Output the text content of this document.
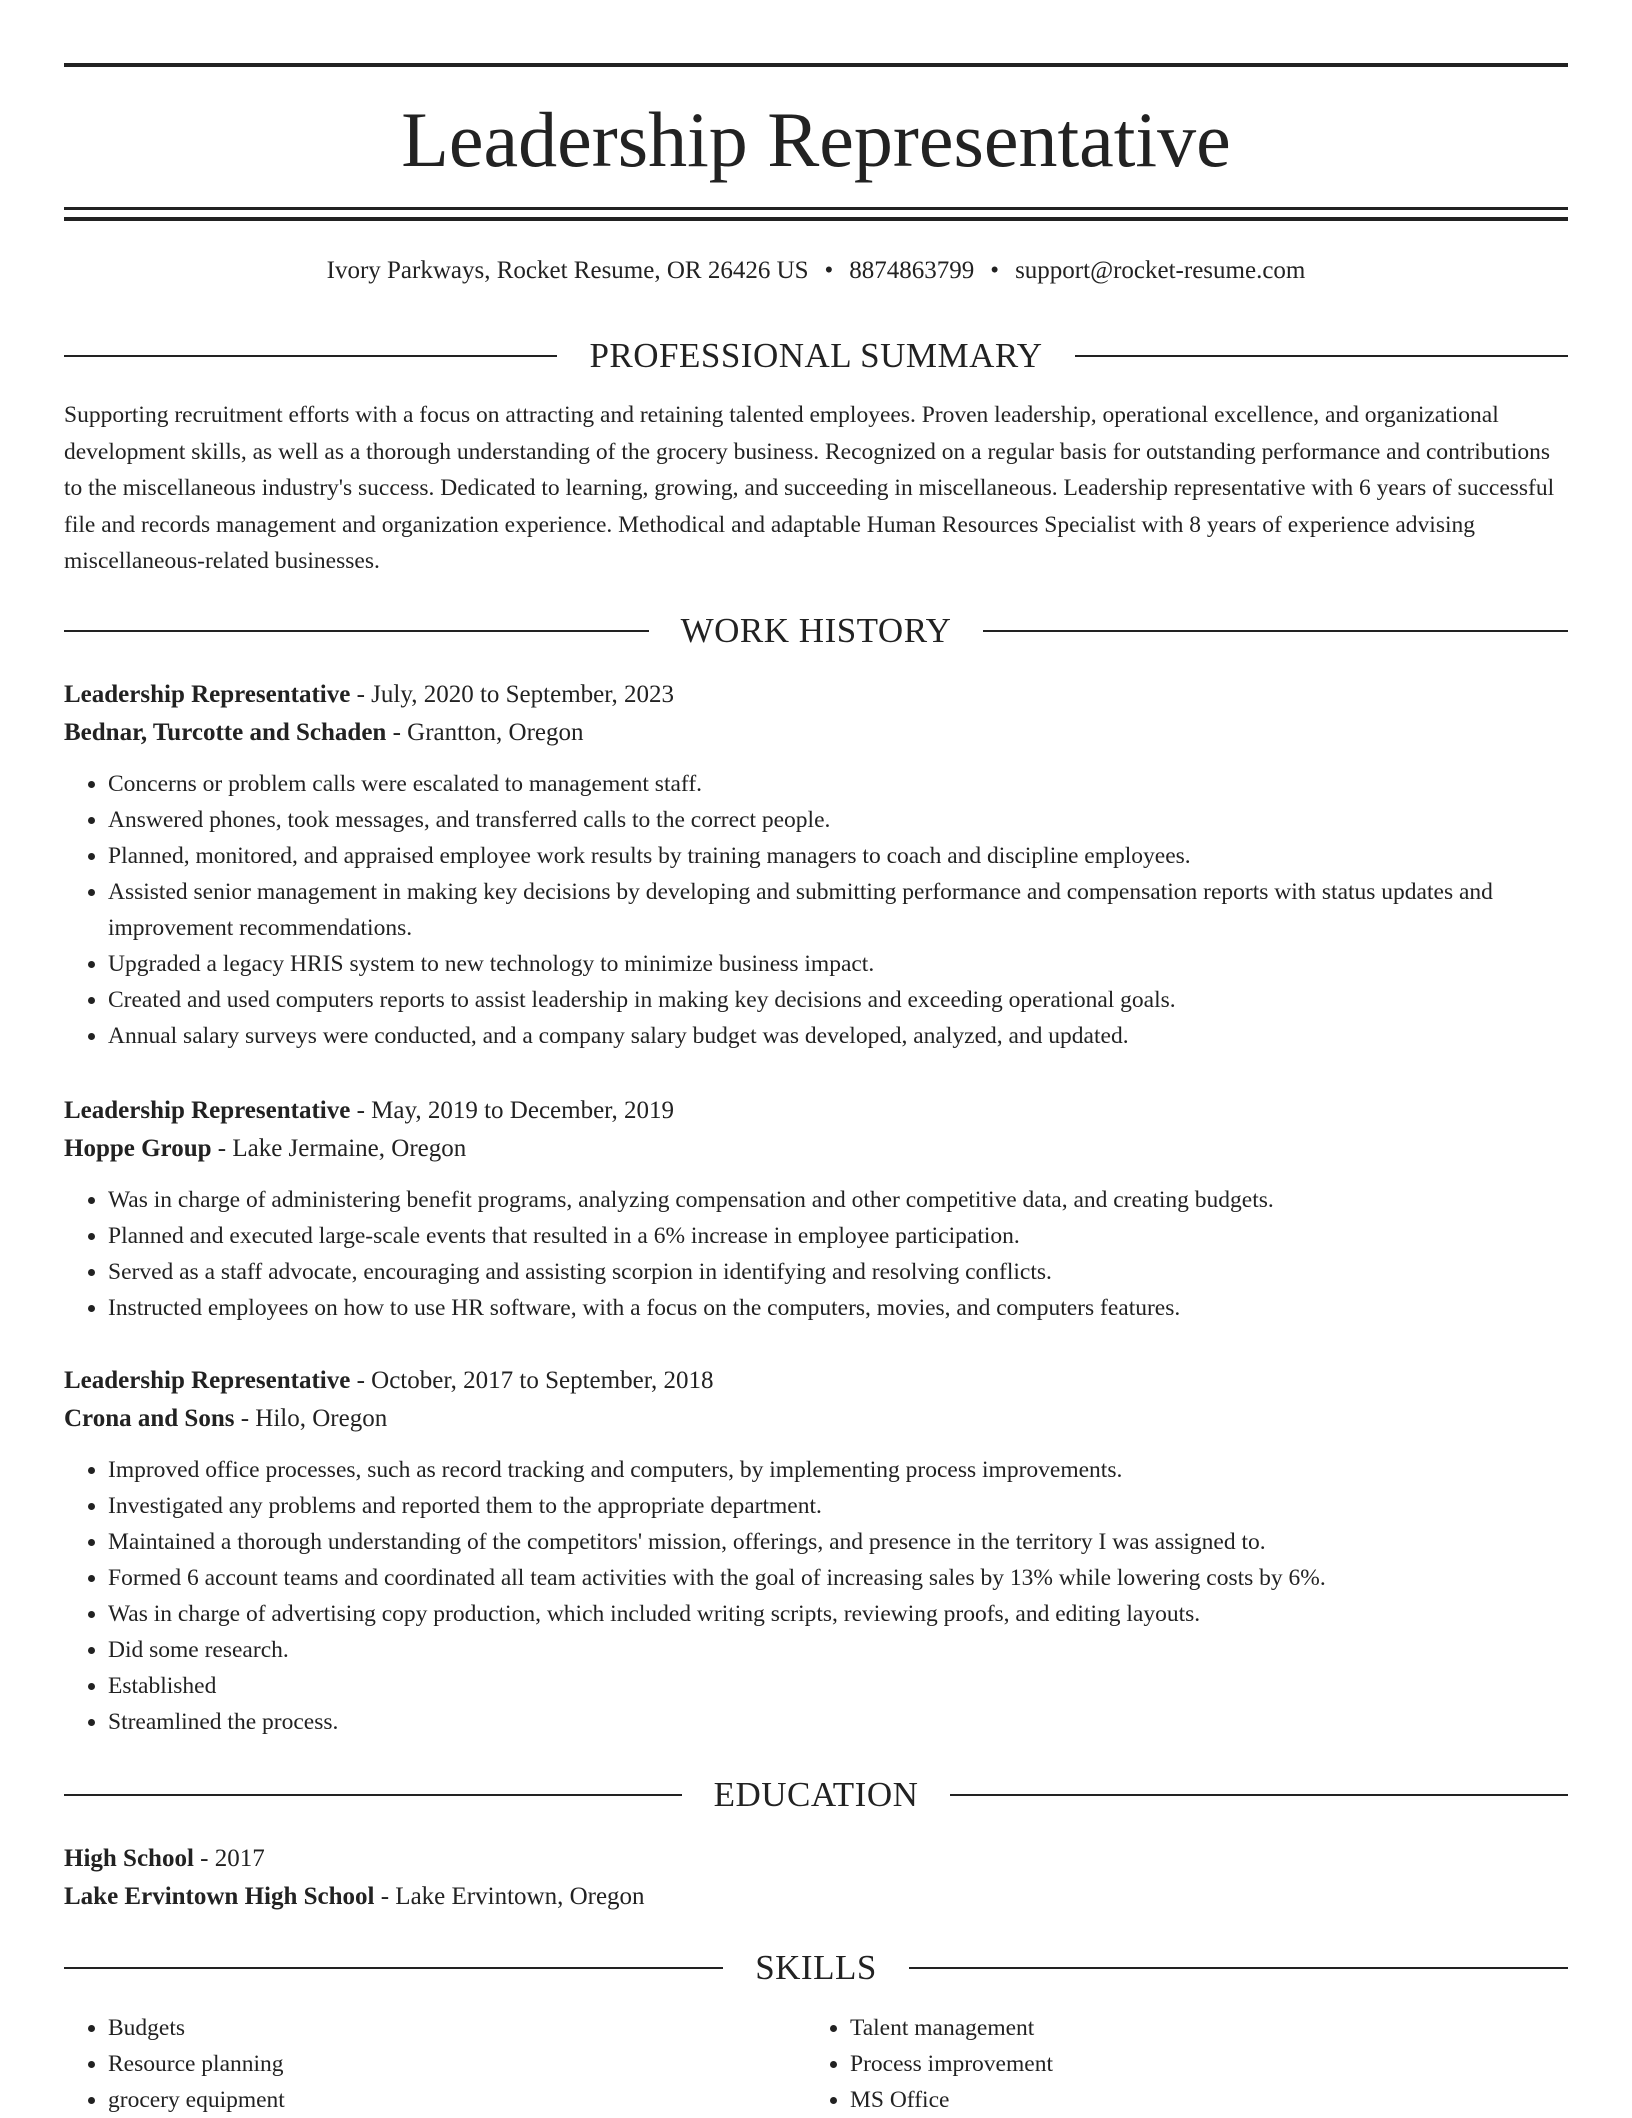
Leadership Representative
Ivory Parkways, Rocket Resume, OR 26426 US • 8874863799 • support@rocket-resume.com
PROFESSIONAL SUMMARY

Supporting recruitment efforts with a focus on attracting and retaining talented employees. Proven leadership, operational excellence, and organizational development skills, as well as a thorough understanding of the grocery business. Recognized on a regular basis for outstanding performance and contributions to the miscellaneous industry's success. Dedicated to learning, growing, and succeeding in miscellaneous. Leadership representative with 6 years of successful file and records management and organization experience. Methodical and adaptable Human Resources Specialist with 8 years of experience advising miscellaneous-related businesses.

WORK HISTORY
Leadership Representative - July, 2020 to September, 2023
Bednar, Turcotte and Schaden - Grantton, Oregon
• Concerns or problem calls were escalated to management staff.
• Answered phones, took messages, and transferred calls to the correct people.
• Planned, monitored, and appraised employee work results by training managers to coach and discipline employees.
• Assisted senior management in making key decisions by developing and submitting performance and compensation reports with status updates and improvement recommendations.
• Upgraded a legacy HRIS system to new technology to minimize business impact.
• Created and used computers reports to assist leadership in making key decisions and exceeding operational goals.
• Annual salary surveys were conducted, and a company salary budget was developed, analyzed, and updated.
Leadership Representative - May, 2019 to December, 2019
Hoppe Group - Lake Jermaine, Oregon
• Was in charge of administering benefit programs, analyzing compensation and other competitive data, and creating budgets.
• Planned and executed large-scale events that resulted in a 6% increase in employee participation.
• Served as a staff advocate, encouraging and assisting scorpion in identifying and resolving conflicts.
• Instructed employees on how to use HR software, with a focus on the computers, movies, and computers features.
Leadership Representative - October, 2017 to September, 2018
Crona and Sons - Hilo, Oregon
• Improved office processes, such as record tracking and computers, by implementing process improvements.
• Investigated any problems and reported them to the appropriate department.
• Maintained a thorough understanding of the competitors' mission, offerings, and presence in the territory I was assigned to.
• Formed 6 account teams and coordinated all team activities with the goal of increasing sales by 13% while lowering costs by 6%.
• Was in charge of advertising copy production, which included writing scripts, reviewing proofs, and editing layouts.
• Did some research.
• Established
• Streamlined the process.
EDUCATION
High School - 2017
Lake Ervintown High School - Lake Ervintown, Oregon
SKILLS
• Budgets
• Resource planning
• grocery equipment
• Talent management
• Process improvement
• MS Office
